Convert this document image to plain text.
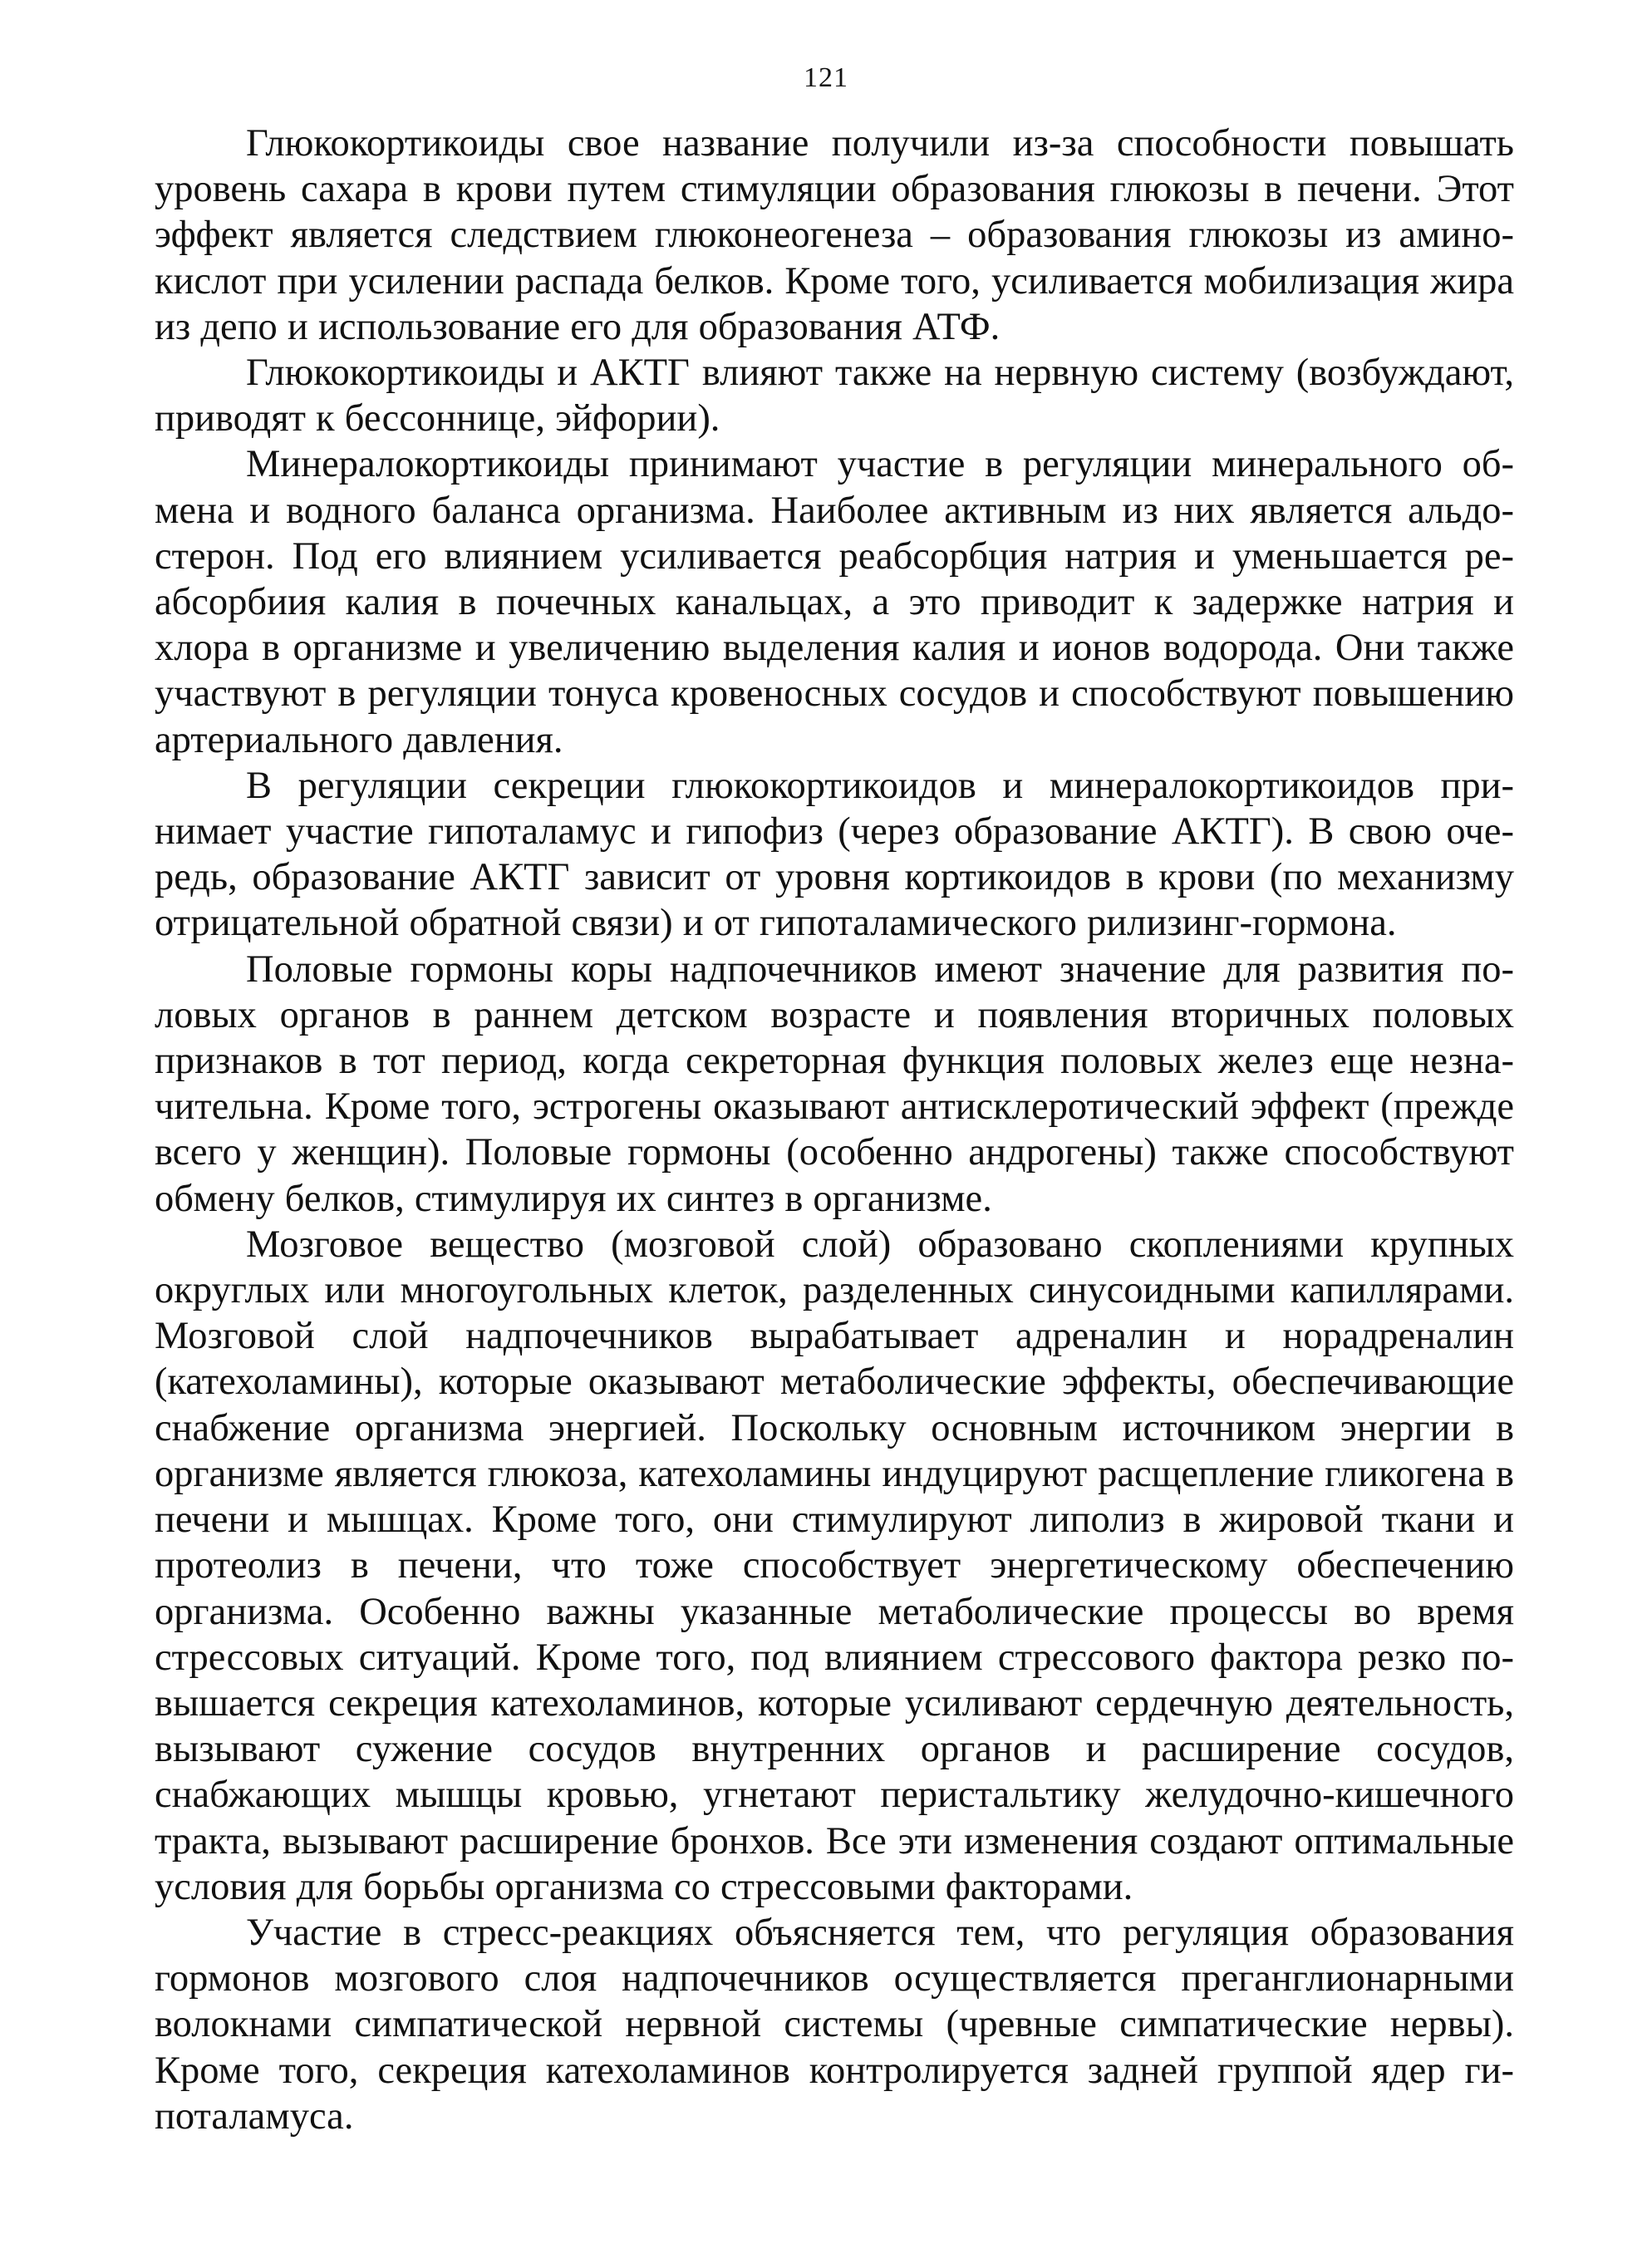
121

Глюкокортикоиды свое название получили из-за способности повышать уровень сахара в крови путем стимуляции образования глюкозы в печени. Этот эффект является следствием глюконеогенеза – образования глюкозы из аминокислот при усилении распада белков. Кроме того, усиливается мобилизация жира из депо и использование его для образования АТФ.

Глюкокортикоиды и АКТГ влияют также на нервную систему (возбуждают, приводят к бессоннице, эйфории).

Минералокортикоиды принимают участие в регуляции минерального обмена и водного баланса организма. Наиболее активным из них является альдостерон. Под его влиянием усиливается реабсорбция натрия и уменьшается реабсорбиия калия в почечных канальцах, а это приводит к задержке натрия и хлора в организме и увеличению выделения калия и ионов водорода. Они также участвуют в регуляции тонуса кровеносных сосудов и способствуют повышению артериального давления.

В регуляции секреции глюкокортикоидов и минералокортикоидов принимает участие гипоталамус и гипофиз (через образование АКТГ). В свою очередь, образование АКТГ зависит от уровня кортикоидов в крови (по механизму отрицательной обратной связи) и от гипоталамического рилизинг-гормона.

Половые гормоны коры надпочечников имеют значение для развития половых органов в раннем детском возрасте и появления вторичных половых признаков в тот период, когда секреторная функция половых желез еще незначительна. Кроме того, эстрогены оказывают антисклеротический эффект (прежде всего у женщин). Половые гормоны (особенно андрогены) также способствуют обмену белков, стимулируя их синтез в организме.

Мозговое вещество (мозговой слой) образовано скоплениями крупных округлых или многоугольных клеток, разделенных синусоидными капиллярами. Мозговой слой надпочечников вырабатывает адреналин и норадреналин (катехоламины), которые оказывают метаболические эффекты, обеспечивающие снабжение организма энергией. Поскольку основным источником энергии в организме является глюкоза, катехоламины индуцируют расщепление гликогена в печени и мышцах. Кроме того, они стимулируют липолиз в жировой ткани и протеолиз в печени, что тоже способствует энергетическому обеспечению организма. Особенно важны указанные метаболические процессы во время стрессовых ситуаций. Кроме того, под влиянием стрессового фактора резко повышается секреция катехоламинов, которые усиливают сердечную деятельность, вызывают сужение сосудов внутренних органов и расширение сосудов, снабжающих мышцы кровью, угнетают перистальтику желудочно-кишечного тракта, вызывают расширение бронхов. Все эти изменения создают оптимальные условия для борьбы организма со стрессовыми факторами.

Участие в стресс-реакциях объясняется тем, что регуляция образования гормонов мозгового слоя надпочечников осуществляется преганглионарными волокнами симпатической нервной системы (чревные симпатические нервы). Кроме того, секреция катехоламинов контролируется задней группой ядер гипоталамуса.
